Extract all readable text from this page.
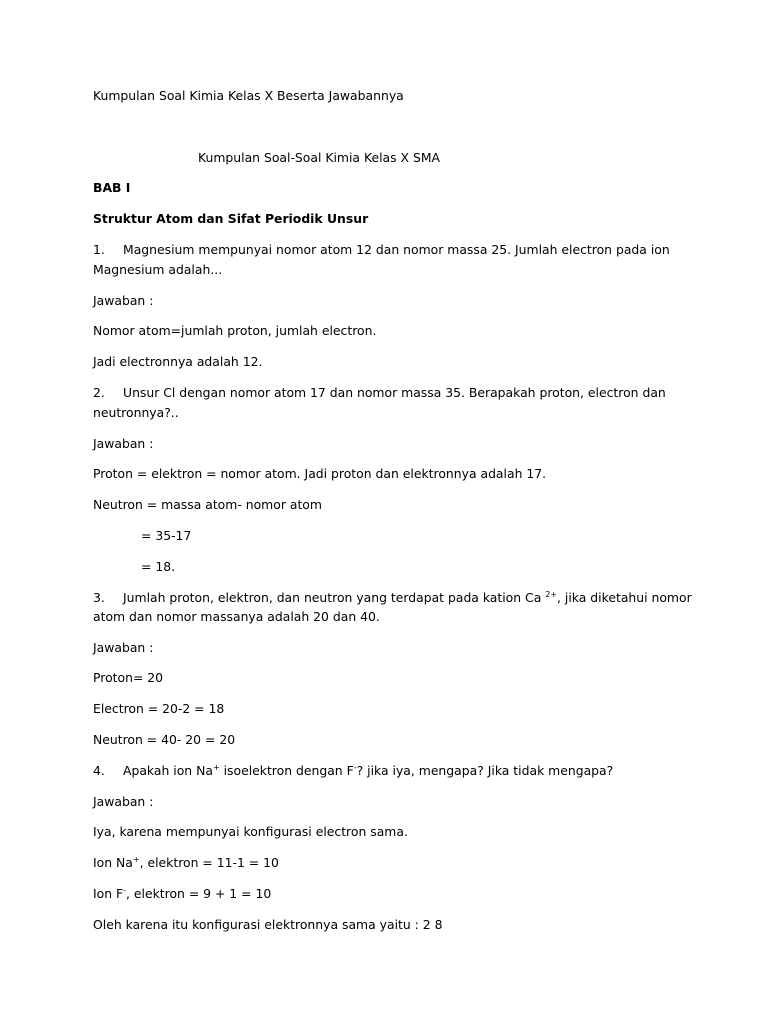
Kumpulan Soal Kimia Kelas X Beserta Jawabannya
Kumpulan Soal-Soal Kimia Kelas X SMA
BAB I
Struktur Atom dan Sifat Periodik Unsur
1. Magnesium mempunyai nomor atom 12 dan nomor massa 25. Jumlah electron pada ion
Magnesium adalah...
Jawaban :
Nomor atom=jumlah proton, jumlah electron.
Jadi electronnya adalah 12.
2. Unsur Cl dengan nomor atom 17 dan nomor massa 35. Berapakah proton, electron dan
neutronnya?..
Jawaban :
Proton = elektron = nomor atom. Jadi proton dan elektronnya adalah 17.
Neutron = massa atom- nomor atom
= 35-17
= 18.
3. Jumlah proton, elektron, dan neutron yang terdapat pada kation Ca $^{2+}$, jika diketahui nomor
atom dan nomor massanya adalah 20 dan 40.
Jawaban :
Proton= 20
Electron = 20-2 = 18
Neutron = 40- 20 = 20
4. Apakah ion Na+ isoelektron dengan F-? jika iya, mengapa? Jika tidak mengapa?
Jawaban :
Iya, karena mempunyai konfigurasi electron sama.
Ion Na+, elektron = 11-1 = 10
Ion F-, elektron = 9 + 1 = 10
Oleh karena itu konfigurasi elektronnya sama yaitu : 2 8
